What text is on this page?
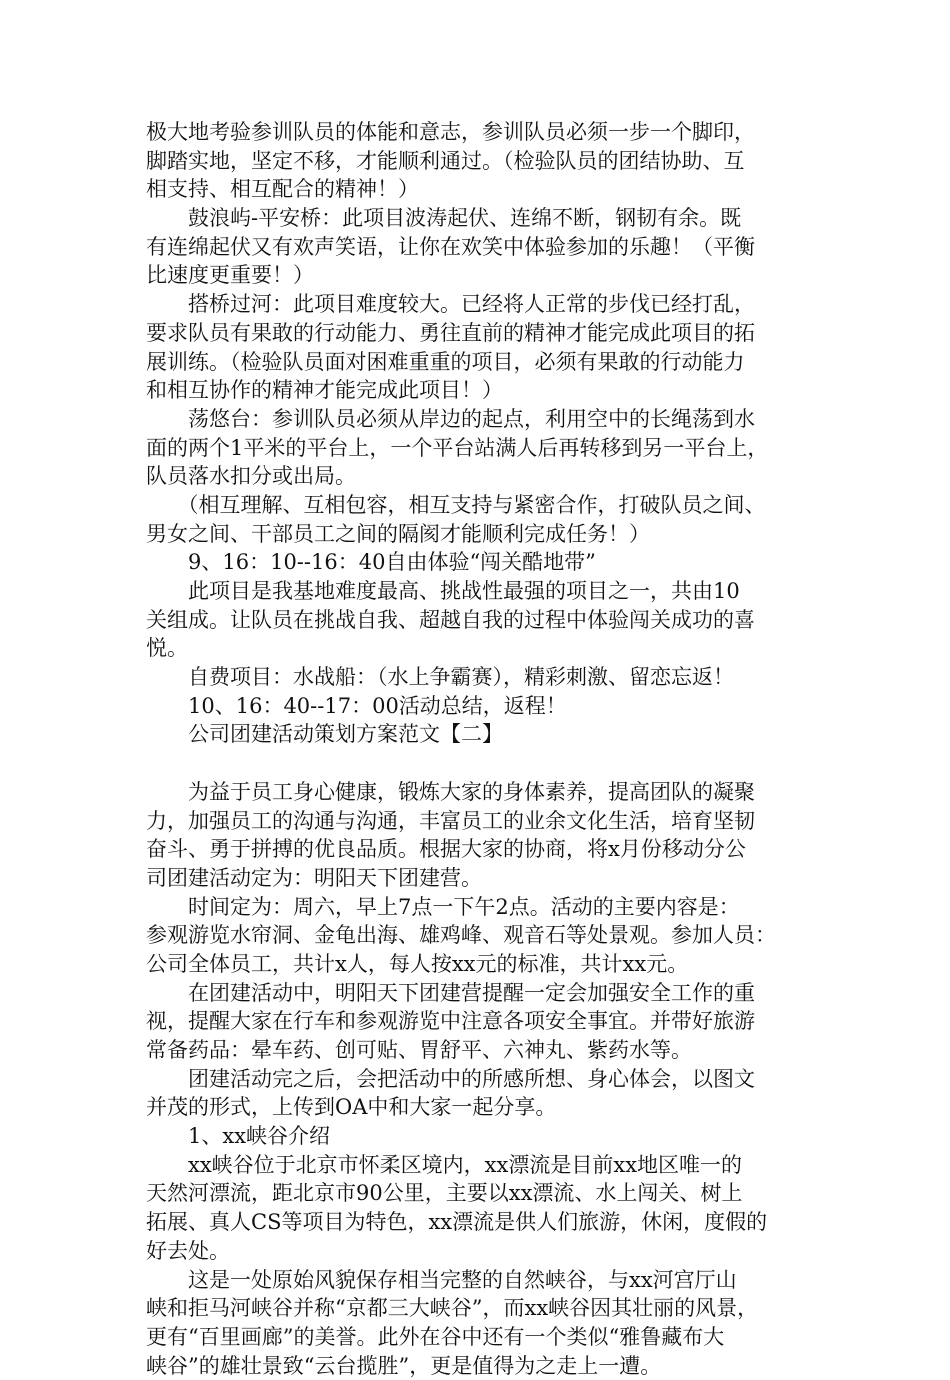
极大地考验参训队员的体能和意志，参训队员必须一步一个脚印，
脚踏实地，坚定不移，才能顺利通过。（检验队员的团结协助、互
相支持、相互配合的精神！）
　　鼓浪屿-平安桥：此项目波涛起伏、连绵不断，钢韧有余。既
有连绵起伏又有欢声笑语，让你在欢笑中体验参加的乐趣！（平衡
比速度更重要！）
　　搭桥过河：此项目难度较大。已经将人正常的步伐已经打乱，
要求队员有果敢的行动能力、勇往直前的精神才能完成此项目的拓
展训练。（检验队员面对困难重重的项目，必须有果敢的行动能力
和相互协作的精神才能完成此项目！）
　　荡悠台：参训队员必须从岸边的起点，利用空中的长绳荡到水
面的两个1平米的平台上，一个平台站满人后再转移到另一平台上，
队员落水扣分或出局。
　　（相互理解、互相包容，相互支持与紧密合作，打破队员之间、
男女之间、干部员工之间的隔阂才能顺利完成任务！）
　　9、16：10--16：40自由体验“闯关酷地带”
　　此项目是我基地难度最高、挑战性最强的项目之一，共由10
关组成。让队员在挑战自我、超越自我的过程中体验闯关成功的喜
悦。
　　自费项目：水战船：（水上争霸赛），精彩刺激、留恋忘返！
　　10、16：40--17：00活动总结，返程！
　　公司团建活动策划方案范文【二】
　　为益于员工身心健康，锻炼大家的身体素养，提高团队的凝聚
力，加强员工的沟通与沟通，丰富员工的业余文化生活，培育坚韧
奋斗、勇于拼搏的优良品质。根据大家的协商，将x月份移动分公
司团建活动定为：明阳天下团建营。
　　时间定为：周六，早上7点一下午2点。活动的主要内容是：
参观游览水帘洞、金龟出海、雄鸡峰、观音石等处景观。参加人员：
公司全体员工，共计x人，每人按xx元的标准，共计xx元。
　　在团建活动中，明阳天下团建营提醒一定会加强安全工作的重
视，提醒大家在行车和参观游览中注意各项安全事宜。并带好旅游
常备药品：晕车药、创可贴、胃舒平、六神丸、紫药水等。
　　团建活动完之后，会把活动中的所感所想、身心体会，以图文
并茂的形式，上传到OA中和大家一起分享。
　　1、xx峡谷介绍
　　xx峡谷位于北京市怀柔区境内，xx漂流是目前xx地区唯一的
天然河漂流，距北京市90公里，主要以xx漂流、水上闯关、树上
拓展、真人CS等项目为特色，xx漂流是供人们旅游，休闲，度假的
好去处。
　　这是一处原始风貌保存相当完整的自然峡谷，与xx河宫厅山
峡和拒马河峡谷并称“京都三大峡谷”，而xx峡谷因其壮丽的风景，
更有“百里画廊”的美誉。此外在谷中还有一个类似“雅鲁藏布大
峡谷”的雄壮景致“云台揽胜”，更是值得为之走上一遭。
